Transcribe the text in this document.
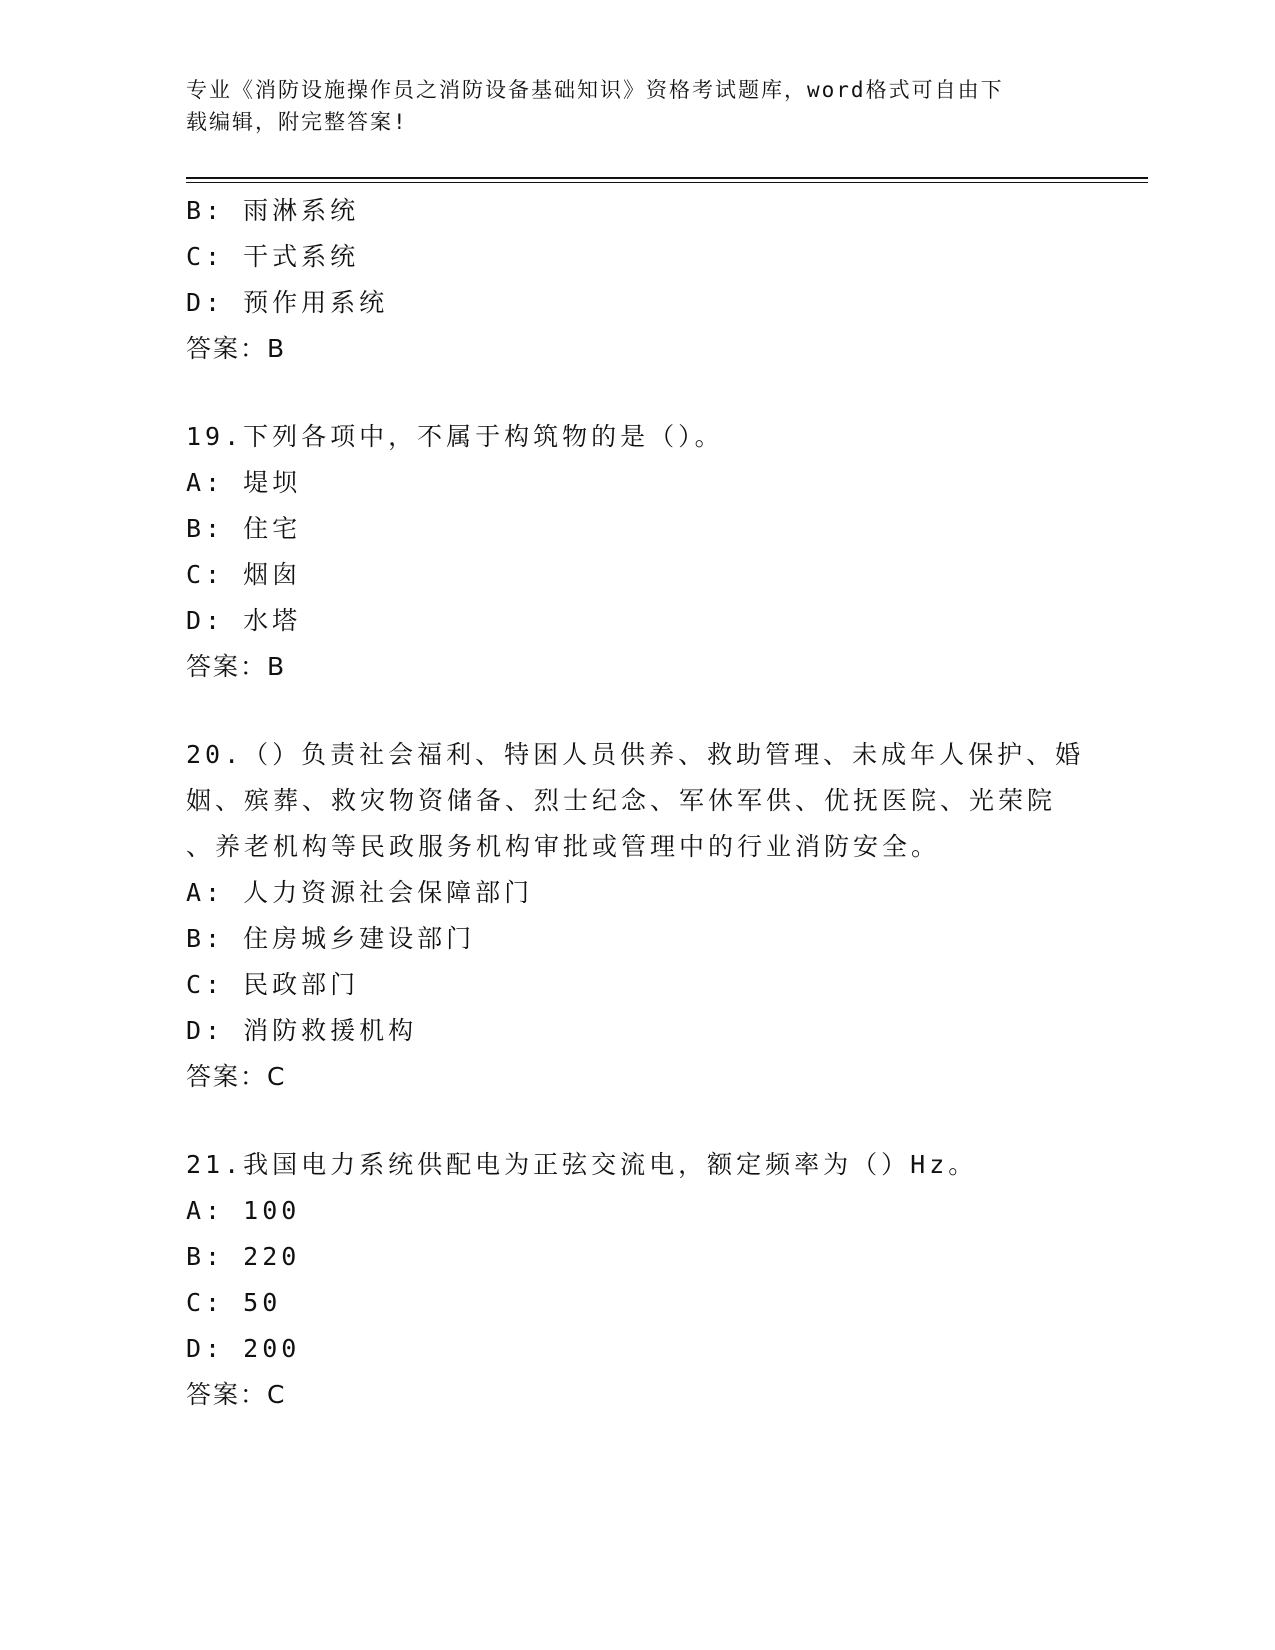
专业《消防设施操作员之消防设备基础知识》资格考试题库，word格式可自由下
载编辑，附完整答案!
B: 雨淋系统
C: 干式系统
D: 预作用系统
答案：B
19.下列各项中，不属于构筑物的是（）。
A: 堤坝
B: 住宅
C: 烟囱
D: 水塔
答案：B
20.（）负责社会福利、特困人员供养、救助管理、未成年人保护、婚
姻、殡葬、救灾物资储备、烈士纪念、军休军供、优抚医院、光荣院
、养老机构等民政服务机构审批或管理中的行业消防安全。
A: 人力资源社会保障部门
B: 住房城乡建设部门
C: 民政部门
D: 消防救援机构
答案：C
21.我国电力系统供配电为正弦交流电，额定频率为（）Hz。
A: 100
B: 220
C: 50
D: 200
答案：C
